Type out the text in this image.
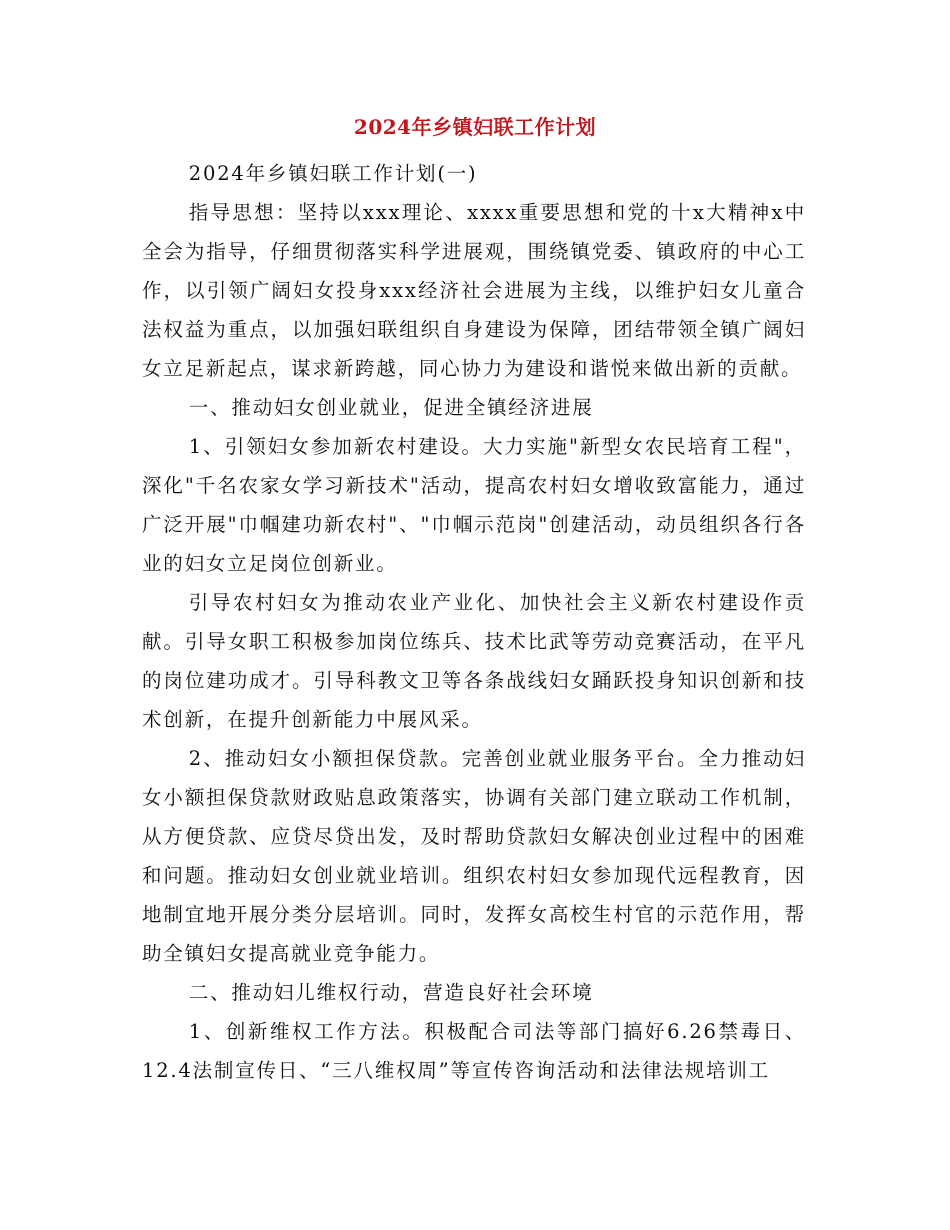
2024年乡镇妇联工作计划

2024年乡镇妇联工作计划(一)

指导思想：坚持以xxx理论、xxxx重要思想和党的十x大精神x中全会为指导，仔细贯彻落实科学进展观，围绕镇党委、镇政府的中心工作，以引领广阔妇女投身xxx经济社会进展为主线，以维护妇女儿童合法权益为重点，以加强妇联组织自身建设为保障，团结带领全镇广阔妇女立足新起点，谋求新跨越，同心协力为建设和谐悦来做出新的贡献。

一、推动妇女创业就业，促进全镇经济进展

1、引领妇女参加新农村建设。大力实施"新型女农民培育工程"，深化"千名农家女学习新技术"活动，提高农村妇女增收致富能力，通过广泛开展"巾帼建功新农村"、"巾帼示范岗"创建活动，动员组织各行各业的妇女立足岗位创新业。

引导农村妇女为推动农业产业化、加快社会主义新农村建设作贡献。引导女职工积极参加岗位练兵、技术比武等劳动竞赛活动，在平凡的岗位建功成才。引导科教文卫等各条战线妇女踊跃投身知识创新和技术创新，在提升创新能力中展风采。

2、推动妇女小额担保贷款。完善创业就业服务平台。全力推动妇女小额担保贷款财政贴息政策落实，协调有关部门建立联动工作机制，从方便贷款、应贷尽贷出发，及时帮助贷款妇女解决创业过程中的困难和问题。推动妇女创业就业培训。组织农村妇女参加现代远程教育，因地制宜地开展分类分层培训。同时，发挥女高校生村官的示范作用，帮助全镇妇女提高就业竞争能力。

二、推动妇儿维权行动，营造良好社会环境

1、创新维权工作方法。积极配合司法等部门搞好6.26禁毒日、12.4法制宣传日、“三八维权周”等宣传咨询活动和法律法规培训工
